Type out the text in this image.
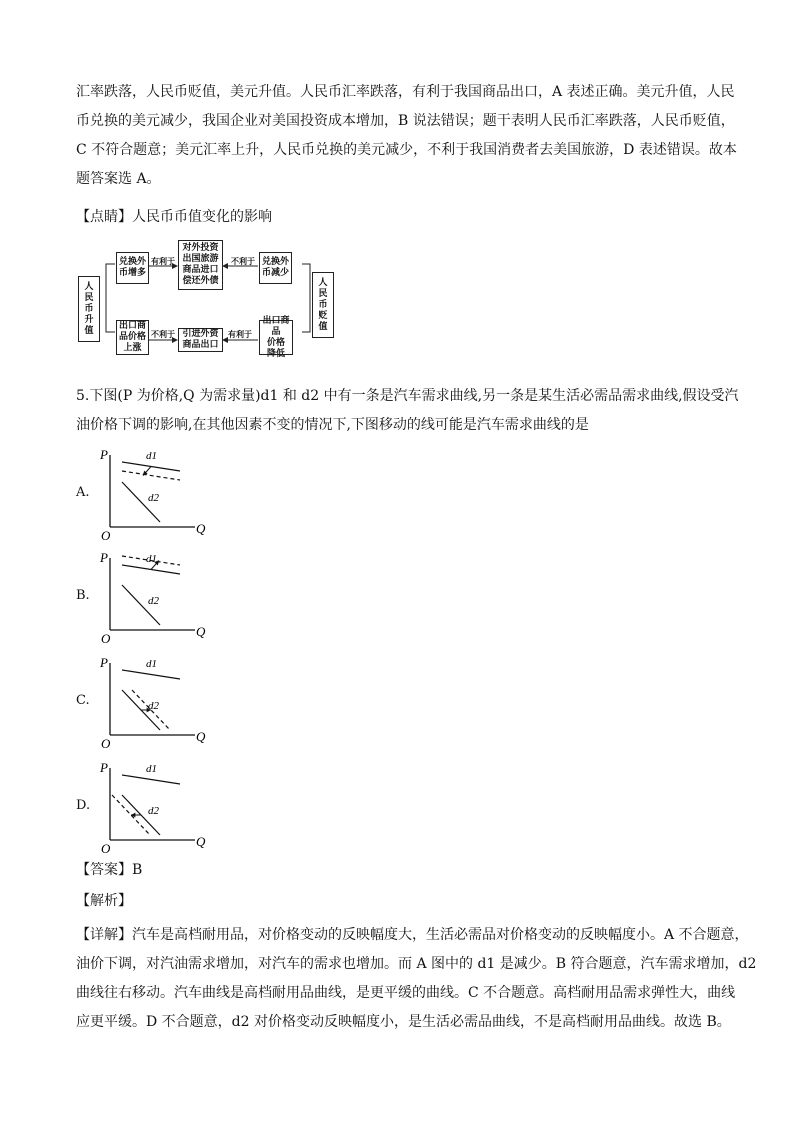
汇率跌落，人民币贬值，美元升值。人民币汇率跌落，有利于我国商品出口，A 表述正确。美元升值，人民
币兑换的美元减少，我国企业对美国投资成本增加，B 说法错误；题干表明人民币汇率跌落，人民币贬值，
C 不符合题意；美元汇率上升，人民币兑换的美元减少，不利于我国消费者去美国旅游，D 表述错误。故本
题答案选 A。
【点睛】人民币币值变化的影响
人
民
币
升
值
人
民
币
贬
值
兑换外
币增多
对外投资
出国旅游
商品进口
偿还外债
兑换外
币减少
出口商
品价格
上涨
引进外资
商品出口
出口商品
价格
降低
有利于	不利于
不利于	有利于
5.下图(P 为价格,Q 为需求量)d1 和 d2 中有一条是汽车需求曲线,另一条是某生活必需品需求曲线,假设受汽
油价格下调的影响,在其他因素不变的情况下,下图移动的线可能是汽车需求曲线的是
A.
P
Q
O
d1
d2
B.
P
Q
O
d1
d2
C.
P
Q
O
d1
d2
D.
P
Q
O
d1
d2
【答案】B
【解析】
【详解】汽车是高档耐用品，对价格变动的反映幅度大，生活必需品对价格变动的反映幅度小。A 不合题意，
油价下调，对汽油需求增加，对汽车的需求也增加。而 A 图中的 d1 是减少。B 符合题意，汽车需求增加，d2
曲线往右移动。汽车曲线是高档耐用品曲线，是更平缓的曲线。C 不合题意。高档耐用品需求弹性大，曲线
应更平缓。D 不合题意，d2 对价格变动反映幅度小，是生活必需品曲线，不是高档耐用品曲线。故选 B。
